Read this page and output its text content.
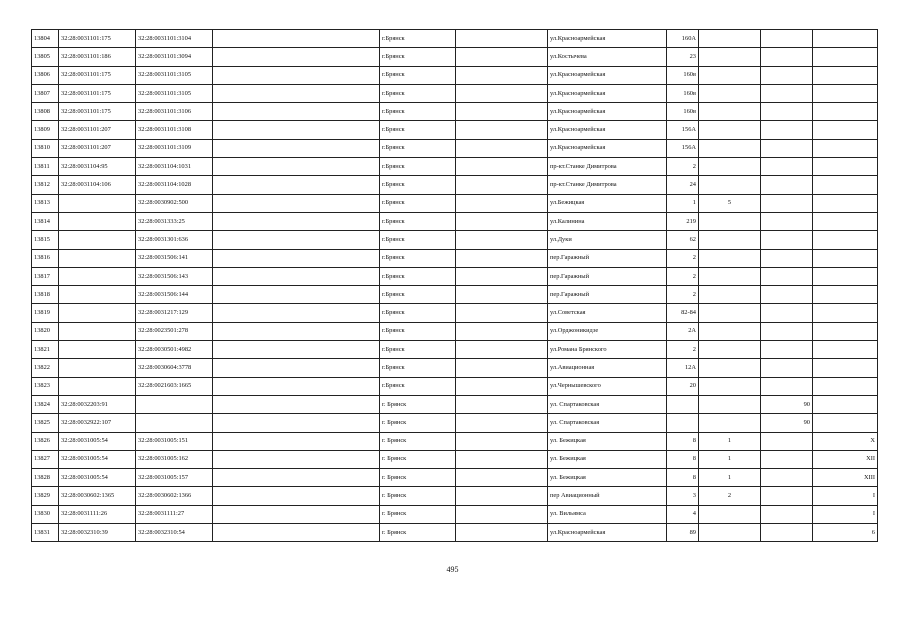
13804	32:28:0031101:175	32:28:0031101:3104		г.Брянск		ул.Красноармейская	160А			
13805	32:28:0031101:186	32:28:0031101:3094		г.Брянск		ул.Костычева	23			
13806	32:28:0031101:175	32:28:0031101:3105		г.Брянск		ул.Красноармейская	160в			
13807	32:28:0031101:175	32:28:0031101:3105		г.Брянск		ул.Красноармейская	160в			
13808	32:28:0031101:175	32:28:0031101:3106		г.Брянск		ул.Красноармейская	160в			
13809	32:28:0031101:207	32:28:0031101:3108		г.Брянск		ул.Красноармейская	156А			
13810	32:28:0031101:207	32:28:0031101:3109		г.Брянск		ул.Красноармейская	156А			
13811	32:28:0031104:95	32:28:0031104:1031		г.Брянск		пр-кт.Станке Димитрова	2			
13812	32:28:0031104:106	32:28:0031104:1028		г.Брянск		пр-кт.Станке Димитрова	24			
13813		32:28:0030902:500		г.Брянск		ул.Бежицкая	1	5		
13814		32:28:0031333:25		г.Брянск		ул.Калинина	219			
13815		32:28:0031301:636		г.Брянск		ул.Дуки	62			
13816		32:28:0031506:141		г.Брянск		пер.Гаражный	2			
13817		32:28:0031506:143		г.Брянск		пер.Гаражный	2			
13818		32:28:0031506:144		г.Брянск		пер.Гаражный	2			
13819		32:28:0031217:129		г.Брянск		ул.Советская	82-84			
13820		32:28:0023501:278		г.Брянск		ул.Орджоникидзе	2А			
13821		32:28:0030501:4982		г.Брянск		ул.Романа Брянского	2			
13822		32:28:0030604:3778		г.Брянск		ул.Авиационная	12А			
13823		32:28:0021603:1665		г.Брянск		ул.Чернышевского	20			
13824	32:28:0032203:91			г. Брянск		ул. Спартаковская			90	
13825	32:28:0032922:107			г. Брянск		ул. Спартаковская			90	
13826	32:28:0031005:54	32:28:0031005:151		г. Брянск		ул. Бежицкая	8	1		X
13827	32:28:0031005:54	32:28:0031005:162		г. Брянск		ул. Бежицкая	8	1		XII
13828	32:28:0031005:54	32:28:0031005:157		г. Брянск		ул. Бежицкая	8	1		XIII
13829	32:28:0030602:1365	32:28:0030602:1366		г. Брянск		пер Авиационный	3	2		I
13830	32:28:0031111:26	32:28:0031111:27		г. Брянск		ул. Вильямса	4			I
13831	32:28:0032310:39	32:28:0032310:54		г. Брянск		ул.Красноармейская	89			6
495
